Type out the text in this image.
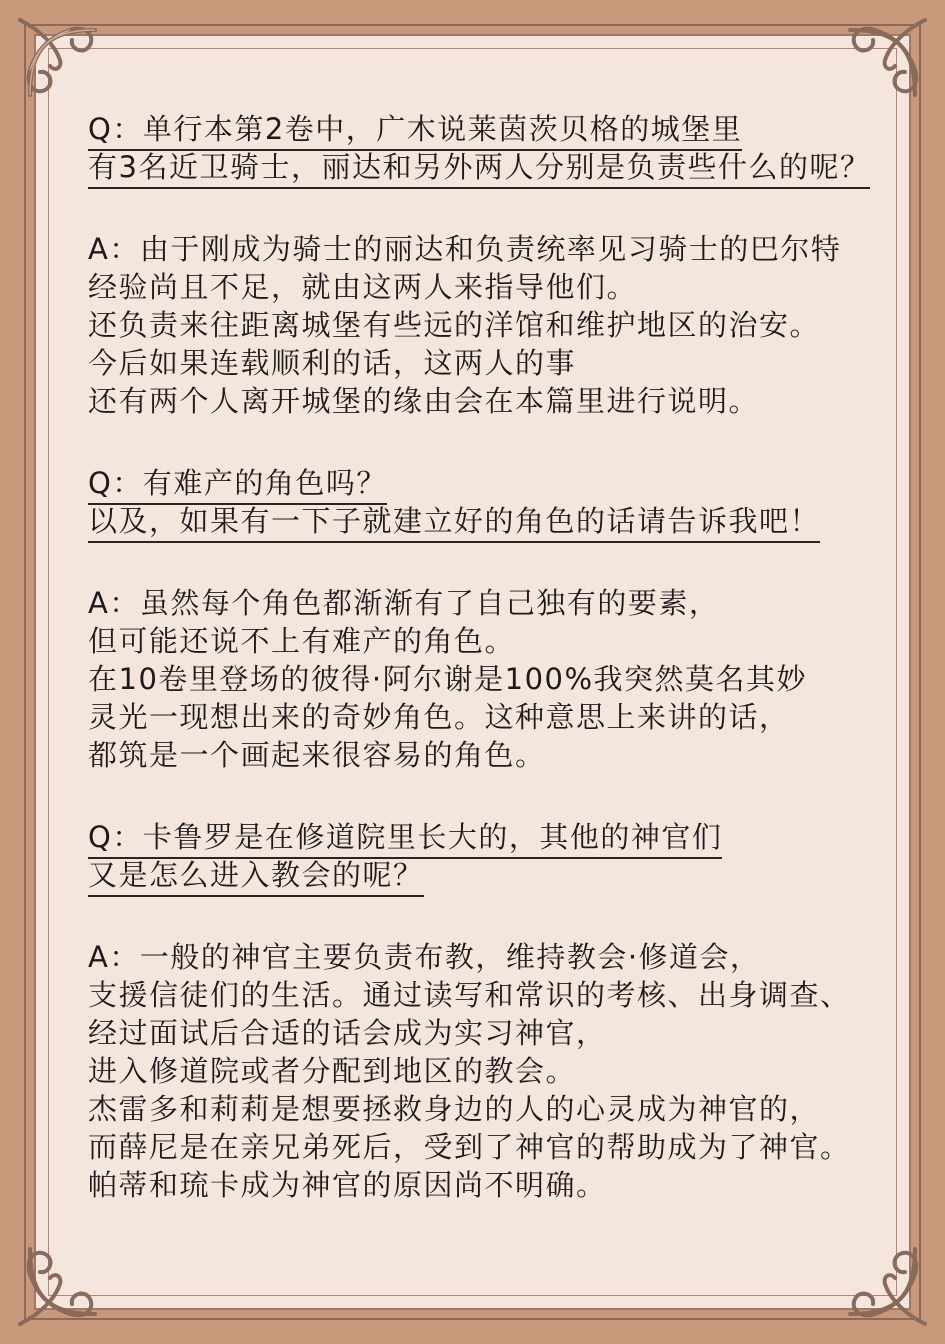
Q：单行本第2卷中，广木说莱茵茨贝格的城堡里
有3名近卫骑士，丽达和另外两人分别是负责些什么的呢？
A：由于刚成为骑士的丽达和负责统率见习骑士的巴尔特
经验尚且不足，就由这两人来指导他们。
还负责来往距离城堡有些远的洋馆和维护地区的治安。
今后如果连载顺利的话，这两人的事
还有两个人离开城堡的缘由会在本篇里进行说明。
Q：有难产的角色吗？
以及，如果有一下子就建立好的角色的话请告诉我吧！
A：虽然每个角色都渐渐有了自己独有的要素，
但可能还说不上有难产的角色。
在10卷里登场的彼得·阿尔谢是100%我突然莫名其妙
灵光一现想出来的奇妙角色。这种意思上来讲的话，
都筑是一个画起来很容易的角色。
Q：卡鲁罗是在修道院里长大的，其他的神官们
又是怎么进入教会的呢？
A：一般的神官主要负责布教，维持教会·修道会，
支援信徒们的生活。通过读写和常识的考核、出身调查、
经过面试后合适的话会成为实习神官，
进入修道院或者分配到地区的教会。
杰雷多和莉莉是想要拯救身边的人的心灵成为神官的，
而薛尼是在亲兄弟死后，受到了神官的帮助成为了神官。
帕蒂和琉卡成为神官的原因尚不明确。
